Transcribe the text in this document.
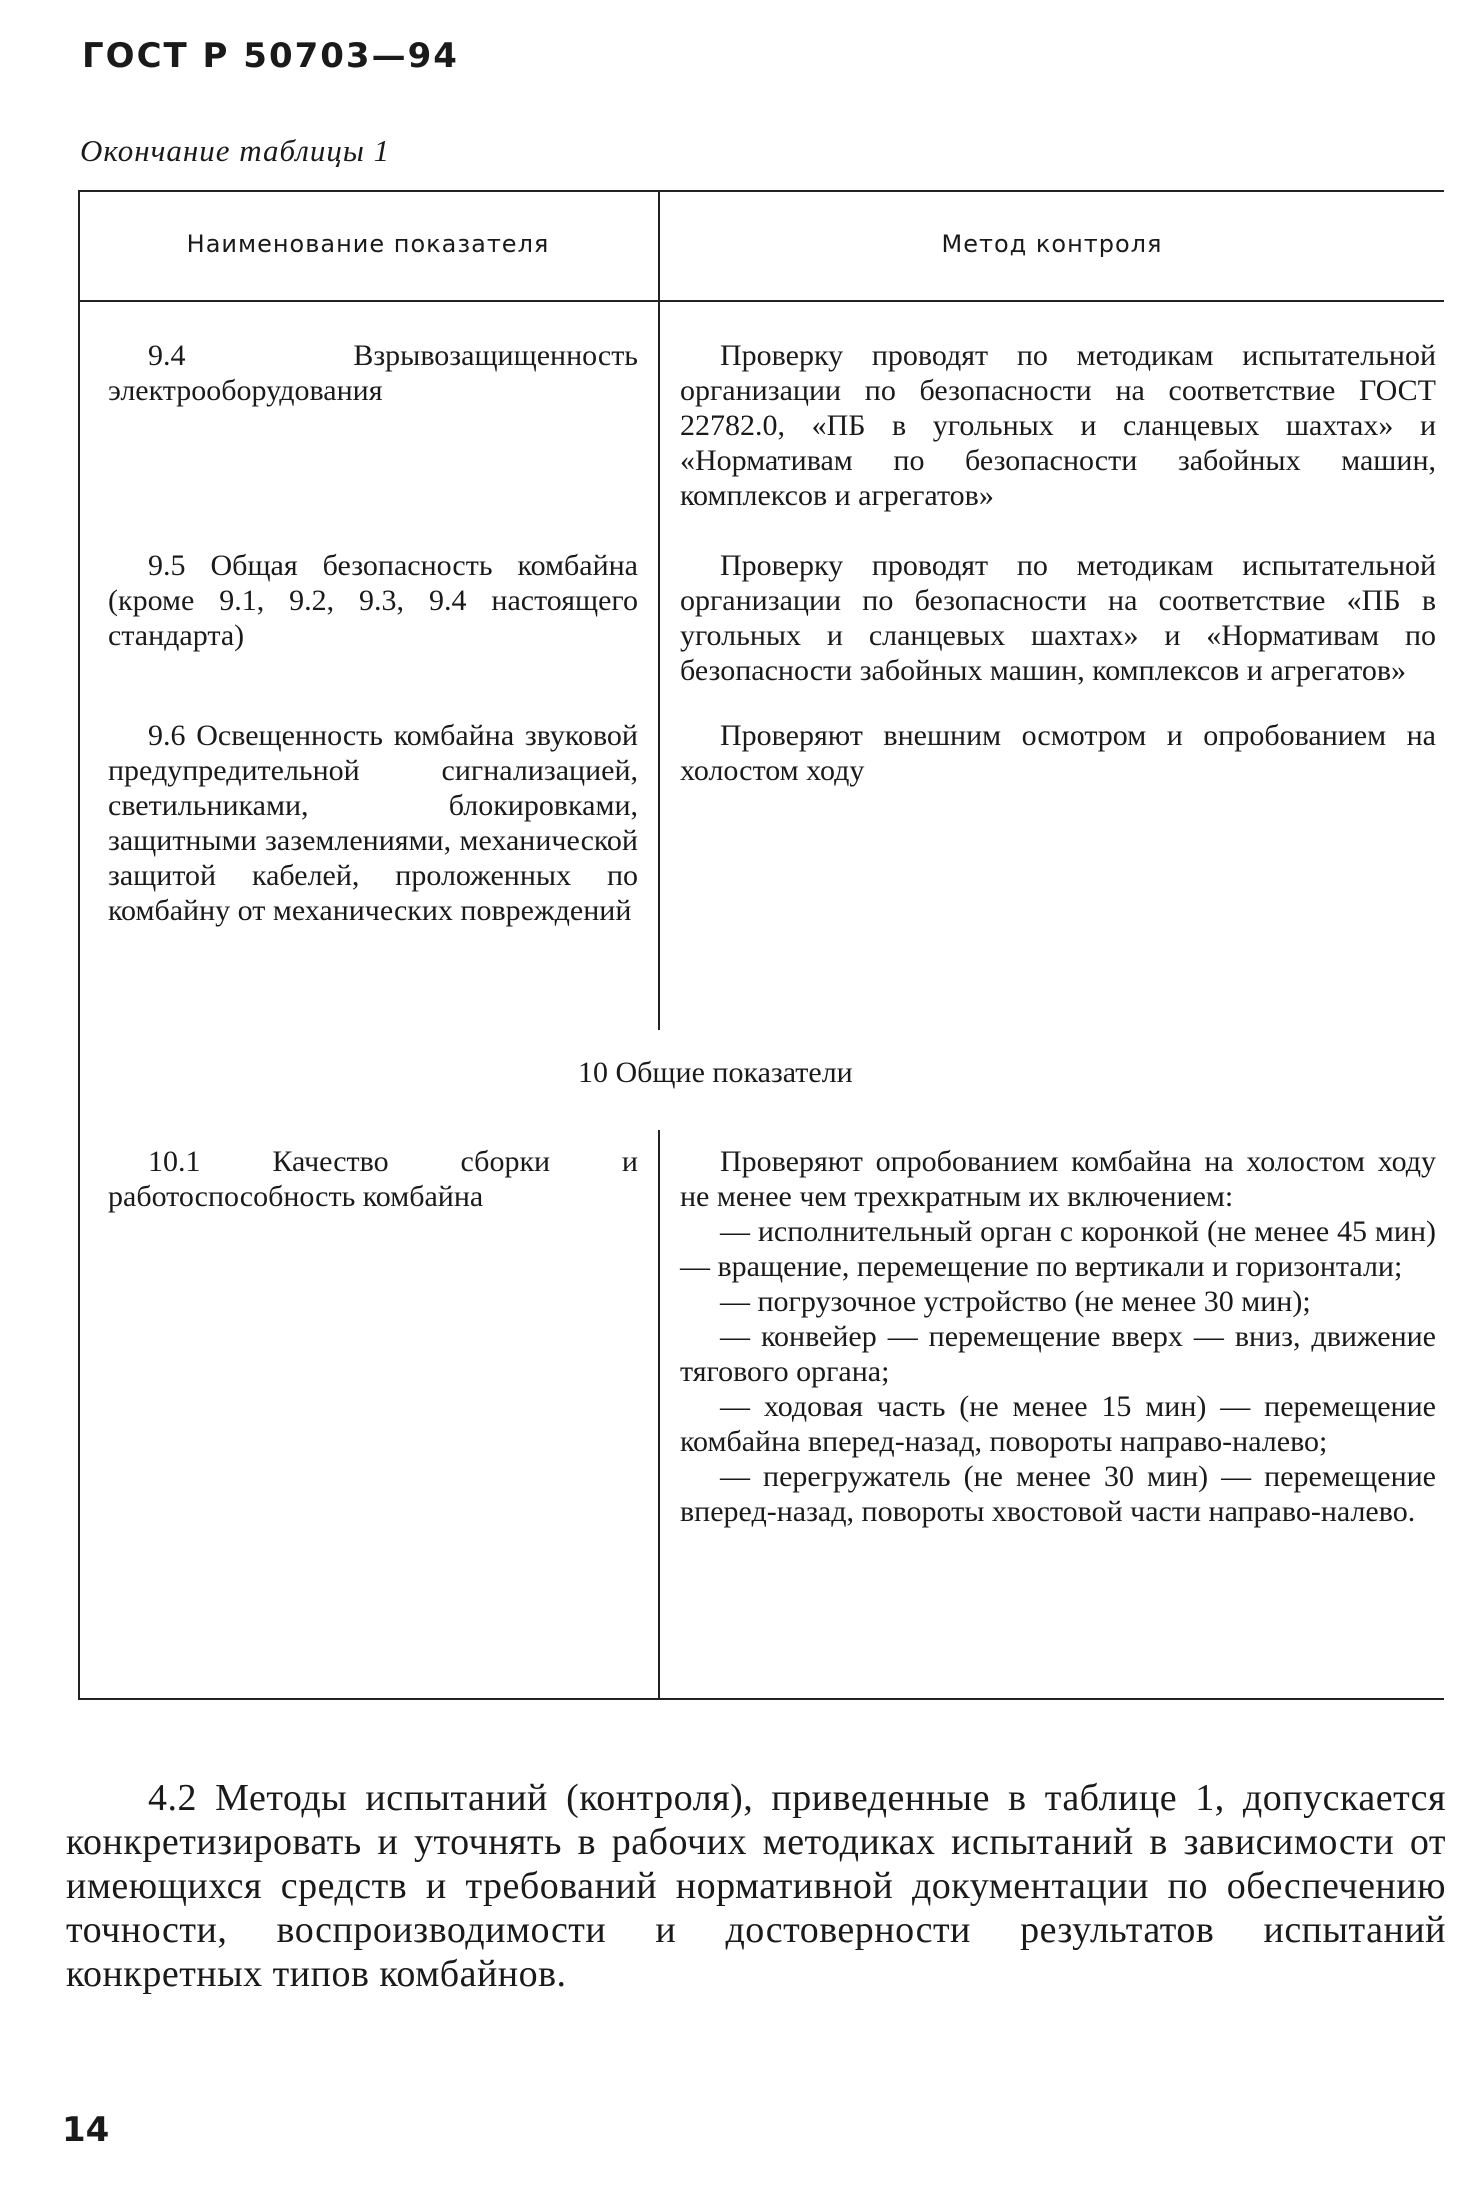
ГОСТ Р 50703—94
Окончание таблицы 1
Наименование показателя	Метод контроля

9.4 Взрывозащищенность электрооборудования

Проверку проводят по методикам испытательной организации по безопасности на соответствие ГОСТ 22782.0, «ПБ в угольных и сланцевых шахтах» и «Нормативам по безопасности забойных машин, комплексов и агрегатов»

9.5 Общая безопасность комбайна (кроме 9.1, 9.2, 9.3, 9.4 настоящего стандарта)

Проверку проводят по методикам испытательной организации по безопасности на соответствие «ПБ в угольных и сланцевых шахтах» и «Нормативам по безопасности забойных машин, комплексов и агрегатов»

9.6 Освещенность комбайна звуковой предупредительной сигнализацией, светильниками, блокировками, защитными заземлениями, механической защитой кабелей, проложенных по комбайну от механических повреждений

Проверяют внешним осмотром и опробованием на холостом ходу

10 Общие показатели

10.1 Качество сборки и работоспособность комбайна

Проверяют опробованием комбайна на холостом ходу не менее чем трехкратным их включением:

— исполнительный орган с коронкой (не менее 45 мин) — вращение, перемещение по вертикали и горизонтали;

— погрузочное устройство (не менее 30 мин);

— конвейер — перемещение вверх — вниз, движение тягового органа;

— ходовая часть (не менее 15 мин) — перемещение комбайна вперед-назад, повороты направо-налево;

— перегружатель (не менее 30 мин) — перемещение вперед-назад, повороты хвостовой части направо-налево.

4.2 Методы испытаний (контроля), приведенные в таблице 1, допускается конкретизировать и уточнять в рабочих методиках испытаний в зависимости от имеющихся средств и требований нормативной документации по обеспечению точности, воспроизводимости и достоверности результатов испытаний конкретных типов комбайнов.

14
